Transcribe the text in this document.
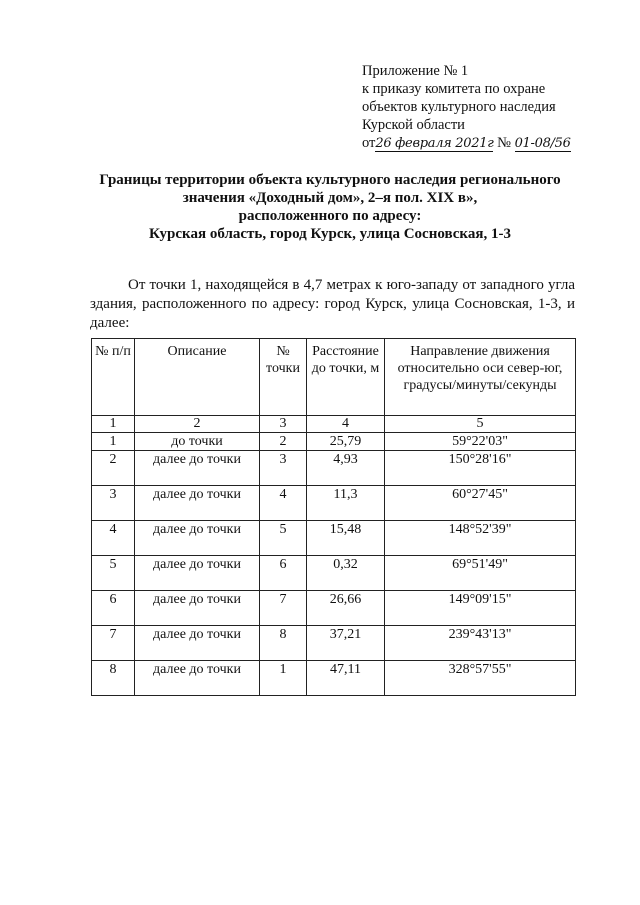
Приложение № 1
к приказу комитета по охране
объектов культурного наследия
Курской области
от26 февраля 2021г № 01-08/56
Границы территории объекта культурного наследия регионального
значения «Доходный дом», 2–я пол. XIX в»,
расположенного по адресу:
Курская область, город Курск, улица Сосновская, 1-3
От точки 1, находящейся в 4,7 метрах к юго-западу от западного угла здания, расположенного по адресу: город Курск, улица Сосновская, 1-3, и далее:
№ п/п	Описание	№ точки	Расстояние до точки, м	Направление движения относительно оси север-юг, градусы/минуты/секунды
1	2	3	4	5
1	до точки	2	25,79	59°22'03"
2	далее до точки	3	4,93	150°28'16"
3	далее до точки	4	11,3	60°27'45"
4	далее до точки	5	15,48	148°52'39"
5	далее до точки	6	0,32	69°51'49"
6	далее до точки	7	26,66	149°09'15"
7	далее до точки	8	37,21	239°43'13"
8	далее до точки	1	47,11	328°57'55"
